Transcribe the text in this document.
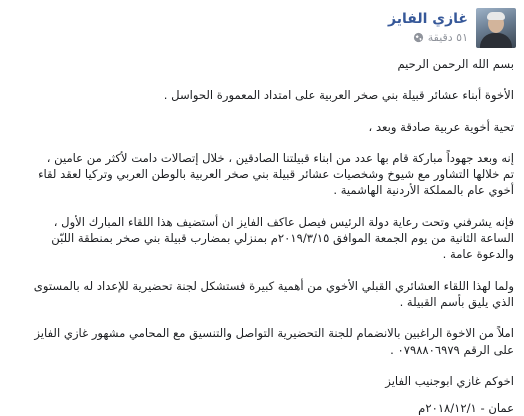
غازي الفايز
٥١ دقيقة

بسم الله الرحمن الرحيم

الأخوة أبناء عشائر قبيلة بني صخر العربية على امتداد المعمورة الحواسل .

تحية أخوية عربية صادقة وبعد ،

إنه وبعد جهوداً مباركة قام بها عدد من ابناء قبيلتنا الصادقين ، خلال إتصالات دامت لأكثر من عامين ،

تم خلالها التشاور مع شيوخ وشخصيات عشائر قبيلة بني صخر العربية بالوطن العربي وتركيا لعقد لقاء

أخوي عام بالمملكة الأردنية الهاشمية .

فإنه يشرفني وتحت رعاية دولة الرئيس فيصل عاكف الفايز ان أستضيف هذا اللقاء المبارك الأول ،

الساعة الثانية من يوم الجمعة الموافق ٢٠١٩/٣/١٥م بمنزلي بمضارب قبيلة بني صخر بمنطقة اللبّن

والدعوة عامة .

ولما لهذا اللقاء العشائري القبلي الأخوي من أهمية كبيرة فستشكل لجنة تحضيرية للإعداد له بالمستوى

الذي يليق بأسم القبيلة .

املاً من الاخوة الراغبين بالانضمام للجنة التحضيرية التواصل والتنسيق مع المحامي مشهور غازي الفايز

على الرقم ٠٧٩٨٨٠٦٩٧٩ .

اخوكم غازي ابوجنيب الفايز

عمان - ٢٠١٨/١٢/١م
